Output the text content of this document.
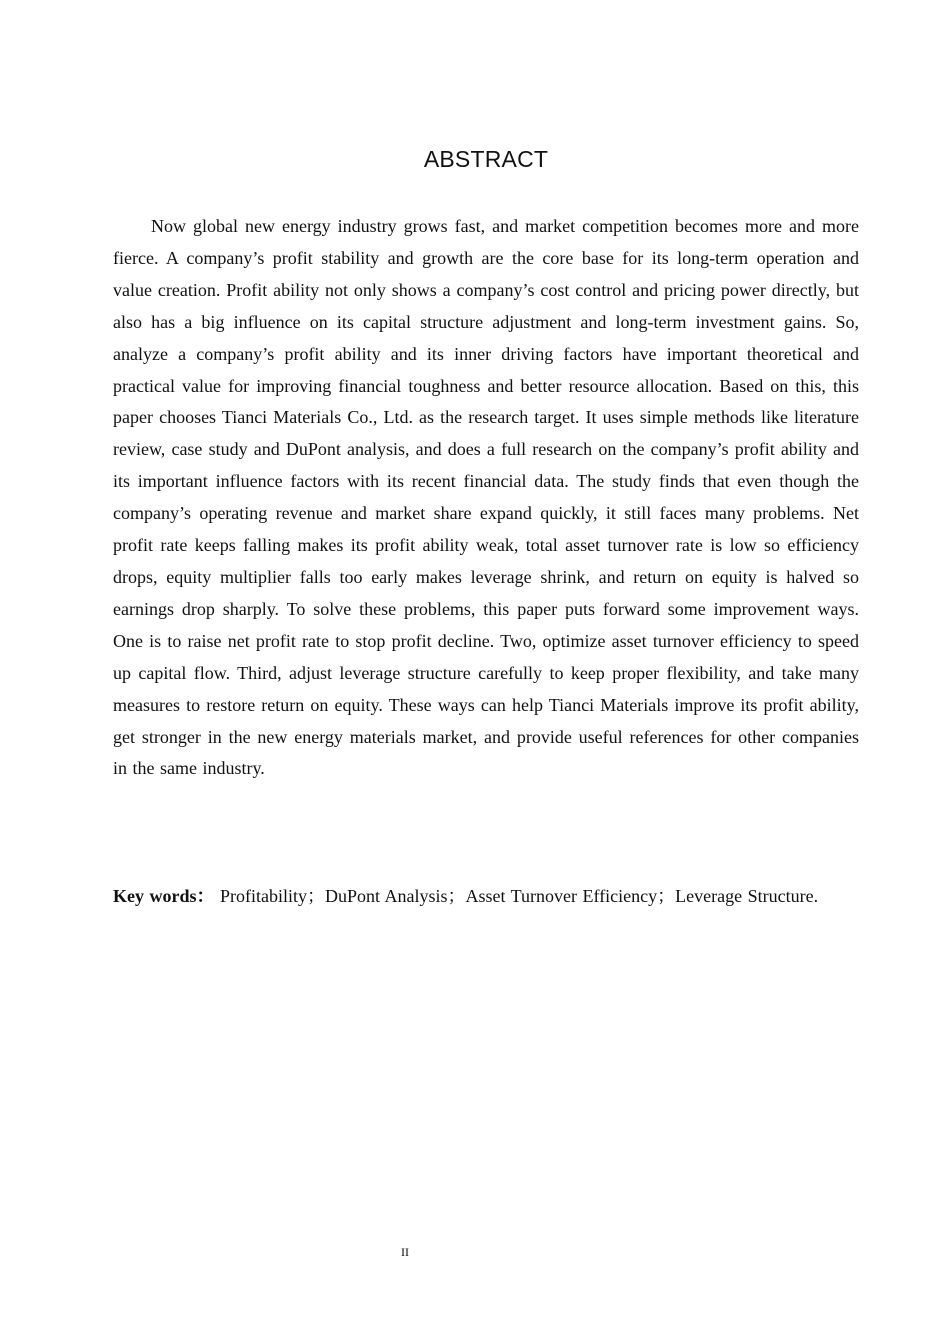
ABSTRACT

Now global new energy industry grows fast, and market competition becomes more and more fierce. A company’s profit stability and growth are the core base for its long-term operation and value creation. Profit ability not only shows a company’s cost control and pricing power directly, but also has a big influence on its capital structure adjustment and long-term investment gains. So, analyze a company’s profit ability and its inner driving factors have important theoretical and practical value for improving financial toughness and better resource allocation. Based on this, this paper chooses Tianci Materials Co., Ltd. as the research target. It uses simple methods like literature review, case study and DuPont analysis, and does a full research on the company’s profit ability and its important influence factors with its recent financial data. The study finds that even though the company’s operating revenue and market share expand quickly, it still faces many problems. Net profit rate keeps falling makes its profit ability weak, total asset turnover rate is low so efficiency drops, equity multiplier falls too early makes leverage shrink, and return on equity is halved so earnings drop sharply. To solve these problems, this paper puts forward some improvement ways. One is to raise net profit rate to stop profit decline. Two, optimize asset turnover efficiency to speed up capital flow. Third, adjust leverage structure carefully to keep proper flexibility, and take many measures to restore return on equity. These ways can help Tianci Materials improve its profit ability, get stronger in the new energy materials market, and provide useful references for other companies in the same industry.

Key words： Profitability；DuPont Analysis；Asset Turnover Efficiency；Leverage Structure.

II
